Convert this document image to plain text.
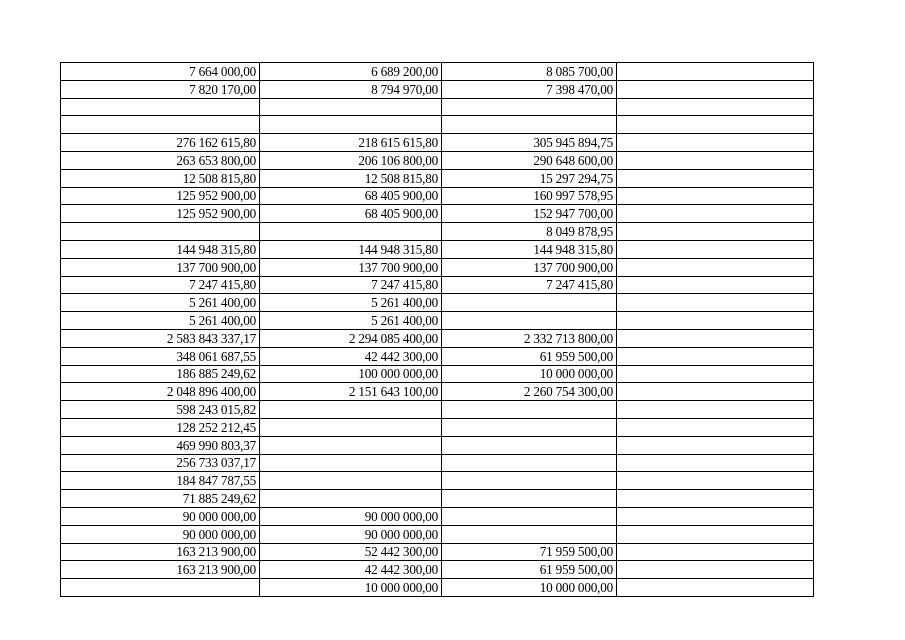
7 664 000,00	6 689 200,00	8 085 700,00	
7 820 170,00	8 794 970,00	7 398 470,00	

276 162 615,80	218 615 615,80	305 945 894,75	
263 653 800,00	206 106 800,00	290 648 600,00	
12 508 815,80	12 508 815,80	15 297 294,75	
125 952 900,00	68 405 900,00	160 997 578,95	
125 952 900,00	68 405 900,00	152 947 700,00	
		8 049 878,95	
144 948 315,80	144 948 315,80	144 948 315,80	
137 700 900,00	137 700 900,00	137 700 900,00	
7 247 415,80	7 247 415,80	7 247 415,80	
5 261 400,00	5 261 400,00		
5 261 400,00	5 261 400,00		
2 583 843 337,17	2 294 085 400,00	2 332 713 800,00	
348 061 687,55	42 442 300,00	61 959 500,00	
186 885 249,62	100 000 000,00	10 000 000,00	
2 048 896 400,00	2 151 643 100,00	2 260 754 300,00	
598 243 015,82			
128 252 212,45			
469 990 803,37			
256 733 037,17			
184 847 787,55			
71 885 249,62			
90 000 000,00	90 000 000,00		
90 000 000,00	90 000 000,00		
163 213 900,00	52 442 300,00	71 959 500,00	
163 213 900,00	42 442 300,00	61 959 500,00	
	10 000 000,00	10 000 000,00	
